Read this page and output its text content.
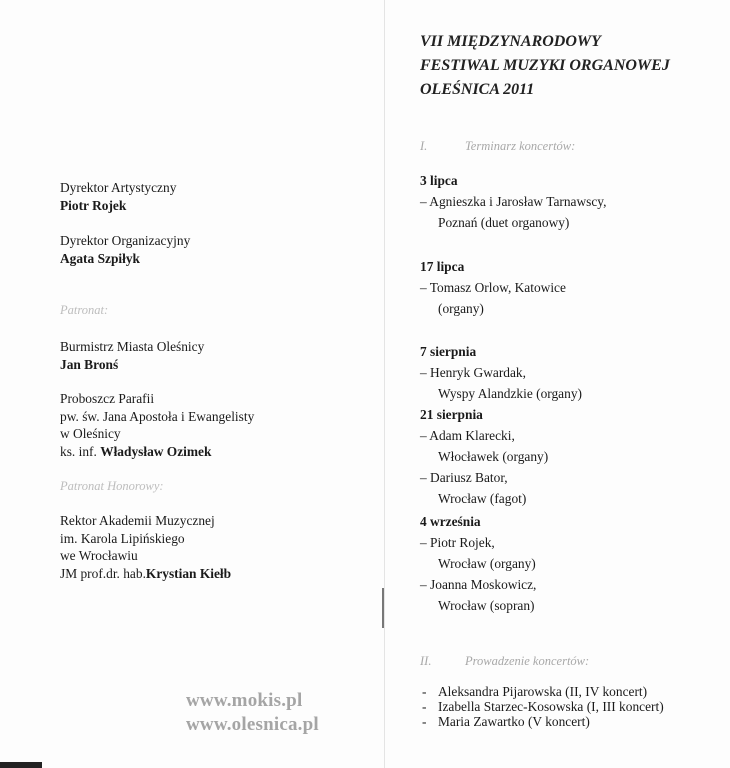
Dyrektor Artystyczny
Piotr Rojek
Dyrektor Organizacyjny
Agata Szpiłyk
Patronat:
Burmistrz Miasta Oleśnicy
Jan Bronś
Proboszcz Parafii
pw. św. Jana Apostoła i Ewangelisty
w Oleśnicy
ks. inf. Władysław Ozimek
Patronat Honorowy:
Rektor Akademii Muzycznej
im. Karola Lipińskiego
we Wrocławiu
JM prof.dr. hab.Krystian Kiełb
www.mokis.pl
www.olesnica.pl
VII MIĘDZYNARODOWY
FESTIWAL MUZYKI ORGANOWEJ
OLEŚNICA 2011
I.	Terminarz koncertów:
3 lipca
– Agnieszka i Jarosław Tarnawscy,
Poznań (duet organowy)
17 lipca
– Tomasz Orlow, Katowice
(organy)
7 sierpnia
– Henryk Gwardak,
Wyspy Alandzkie (organy)
21 sierpnia
– Adam Klarecki,
Włocławek (organy)
– Dariusz Bator,
Wrocław (fagot)
4 września
– Piotr Rojek,
Wrocław (organy)
– Joanna Moskowicz,
Wrocław (sopran)
II.	Prowadzenie koncertów:
- Aleksandra Pijarowska (II, IV koncert)
- Izabella Starzec-Kosowska (I, III koncert)
- Maria Zawartko (V koncert)
